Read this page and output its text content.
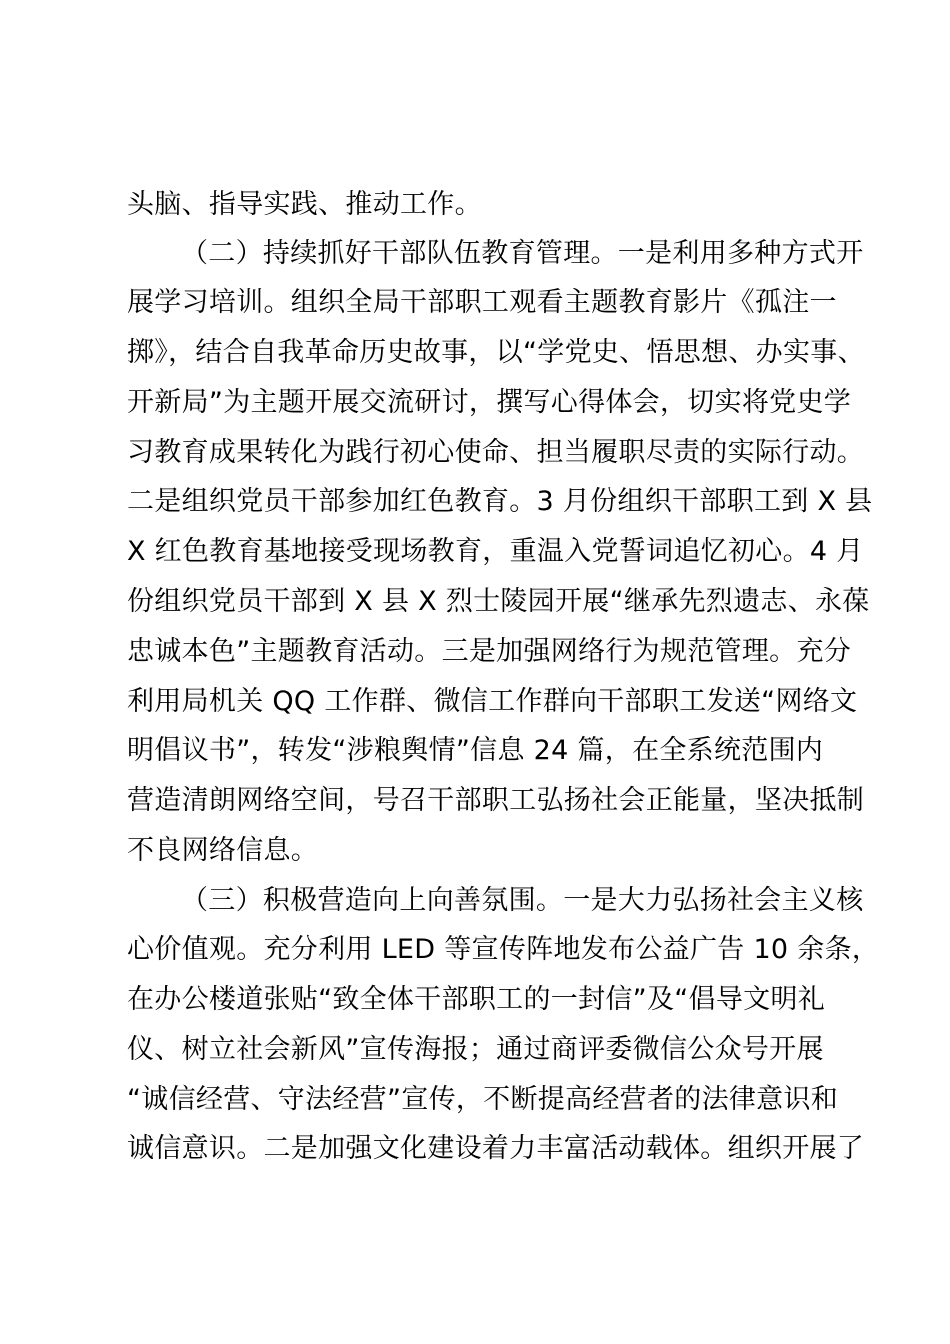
头脑、指导实践、推动工作。
（二）持续抓好干部队伍教育管理。一是利用多种方式开
展学习培训。组织全局干部职工观看主题教育影片《孤注一
掷》，结合自我革命历史故事，以“学党史、悟思想、办实事、
开新局”为主题开展交流研讨，撰写心得体会，切实将党史学
习教育成果转化为践行初心使命、担当履职尽责的实际行动。
二是组织党员干部参加红色教育。3 月份组织干部职工到 X 县
X 红色教育基地接受现场教育，重温入党誓词追忆初心。4 月
份组织党员干部到 X 县 X 烈士陵园开展“继承先烈遗志、永葆
忠诚本色”主题教育活动。三是加强网络行为规范管理。充分
利用局机关 QQ 工作群、微信工作群向干部职工发送“网络文
明倡议书”，转发“涉粮舆情”信息 24 篇，在全系统范围内
营造清朗网络空间，号召干部职工弘扬社会正能量，坚决抵制
不良网络信息。
（三）积极营造向上向善氛围。一是大力弘扬社会主义核
心价值观。充分利用 LED 等宣传阵地发布公益广告 10 余条，
在办公楼道张贴“致全体干部职工的一封信”及“倡导文明礼
仪、树立社会新风”宣传海报；通过商评委微信公众号开展
“诚信经营、守法经营”宣传，不断提高经营者的法律意识和
诚信意识。二是加强文化建设着力丰富活动载体。组织开展了
